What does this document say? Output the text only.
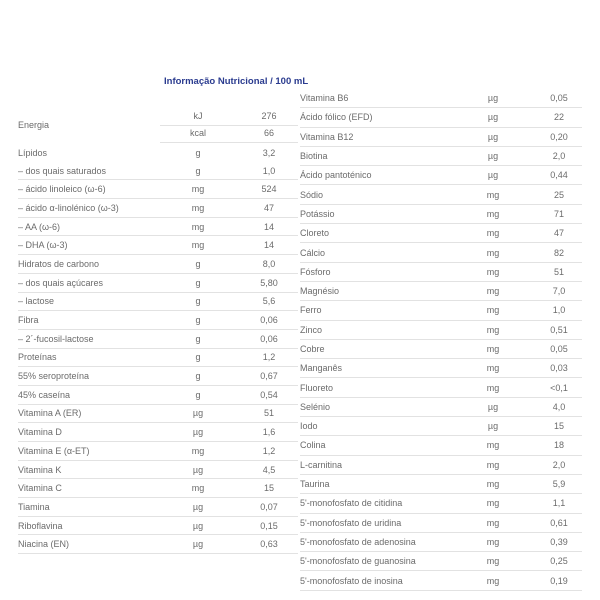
Informação Nutricional / 100 mL
Energia
kJ	276
kcal	66
Lípidos	g	3,2
– dos quais saturados	g	1,0
– ácido linoleico (ω-6)	mg	524
– ácido α-linolénico (ω-3)	mg	47
– AA (ω-6)	mg	14
– DHA (ω-3)	mg	14
Hidratos de carbono	g	8,0
– dos quais açúcares	g	5,80
– lactose	g	5,6
Fibra	g	0,06
– 2´-fucosil-lactose	g	0,06
Proteínas	g	1,2
55% seroproteína	g	0,67
45% caseína	g	0,54
Vitamina A (ER)	µg	51
Vitamina D	µg	1,6
Vitamina E (α-ET)	mg	1,2
Vitamina K	µg	4,5
Vitamina C	mg	15
Tiamina	µg	0,07
Riboflavina	µg	0,15
Niacina (EN)	µg	0,63
Vitamina B6	µg	0,05
Ácido fólico (EFD)	µg	22
Vitamina B12	µg	0,20
Biotina	µg	2,0
Ácido pantoténico	µg	0,44
Sódio	mg	25
Potássio	mg	71
Cloreto	mg	47
Cálcio	mg	82
Fósforo	mg	51
Magnésio	mg	7,0
Ferro	mg	1,0
Zinco	mg	0,51
Cobre	mg	0,05
Manganês	mg	0,03
Fluoreto	mg	<0,1
Selénio	µg	4,0
Iodo	µg	15
Colina	mg	18
L-carnitina	mg	2,0
Taurina	mg	5,9
5'-monofosfato de citidina	mg	1,1
5'-monofosfato de uridina	mg	0,61
5'-monofosfato de adenosina	mg	0,39
5'-monofosfato de guanosina	mg	0,25
5'-monofosfato de inosina	mg	0,19
